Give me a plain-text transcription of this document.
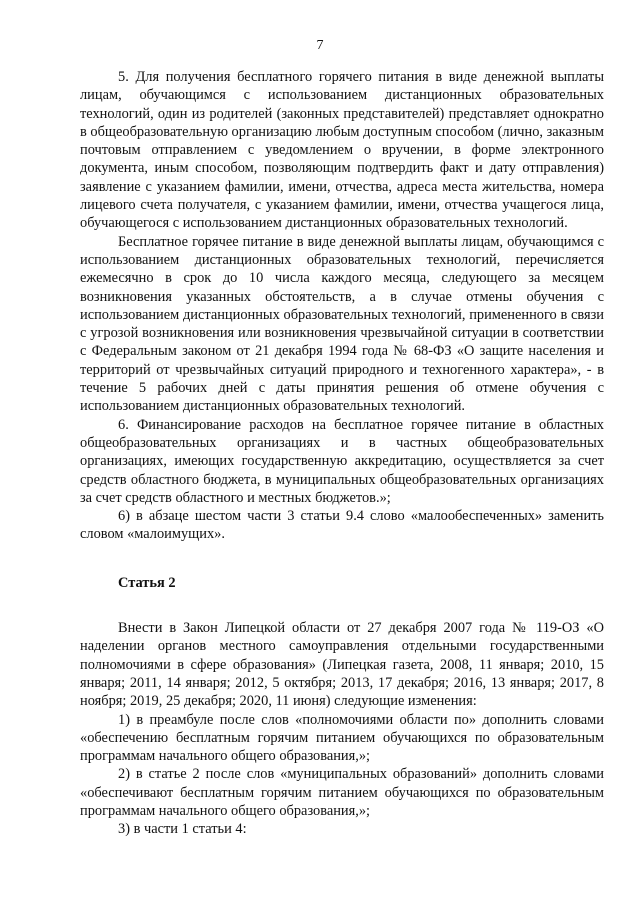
7

5. Для получения бесплатного горячего питания в виде денежной выплаты лицам, обучающимся с использованием дистанционных образовательных технологий, один из родителей (законных представителей) представляет однократно в общеобразовательную организацию любым доступным способом (лично, заказным почтовым отправлением с уведомлением о вручении, в форме электронного документа, иным способом, позволяющим подтвердить факт и дату отправления) заявление с указанием фамилии, имени, отчества, адреса места жительства, номера лицевого счета получателя, с указанием фамилии, имени, отчества учащегося лица, обучающегося с использованием дистанционных образовательных технологий.

Бесплатное горячее питание в виде денежной выплаты лицам, обучающимся с использованием дистанционных образовательных технологий, перечисляется ежемесячно в срок до 10 числа каждого месяца, следующего за месяцем возникновения указанных обстоятельств, а в случае отмены обучения с использованием дистанционных образовательных технологий, примененного в связи с угрозой возникновения или возникновения чрезвычайной ситуации в соответствии с Федеральным законом от 21 декабря 1994 года № 68-ФЗ «О защите населения и территорий от чрезвычайных ситуаций природного и техногенного характера», - в течение 5 рабочих дней с даты принятия решения об отмене обучения с использованием дистанционных образовательных технологий.

6. Финансирование расходов на бесплатное горячее питание в областных общеобразовательных организациях и в частных общеобразовательных организациях, имеющих государственную аккредитацию, осуществляется за счет средств областного бюджета, в муниципальных общеобразовательных организациях за счет средств областного и местных бюджетов.»;

6) в абзаце шестом части 3 статьи 9.4 слово «малообеспеченных» заменить словом «малоимущих».

Статья 2

Внести в Закон Липецкой области от 27 декабря 2007 года № 119-ОЗ «О наделении органов местного самоуправления отдельными государственными полномочиями в сфере образования» (Липецкая газета, 2008, 11 января; 2010, 15 января; 2011, 14 января; 2012, 5 октября; 2013, 17 декабря; 2016, 13 января; 2017, 8 ноября; 2019, 25 декабря; 2020, 11 июня) следующие изменения:

1) в преамбуле после слов «полномочиями области по» дополнить словами «обеспечению бесплатным горячим питанием обучающихся по образовательным программам начального общего образования,»;

2) в статье 2 после слов «муниципальных образований» дополнить словами «обеспечивают бесплатным горячим питанием обучающихся по образовательным программам начального общего образования,»;

3) в части 1 статьи 4:
